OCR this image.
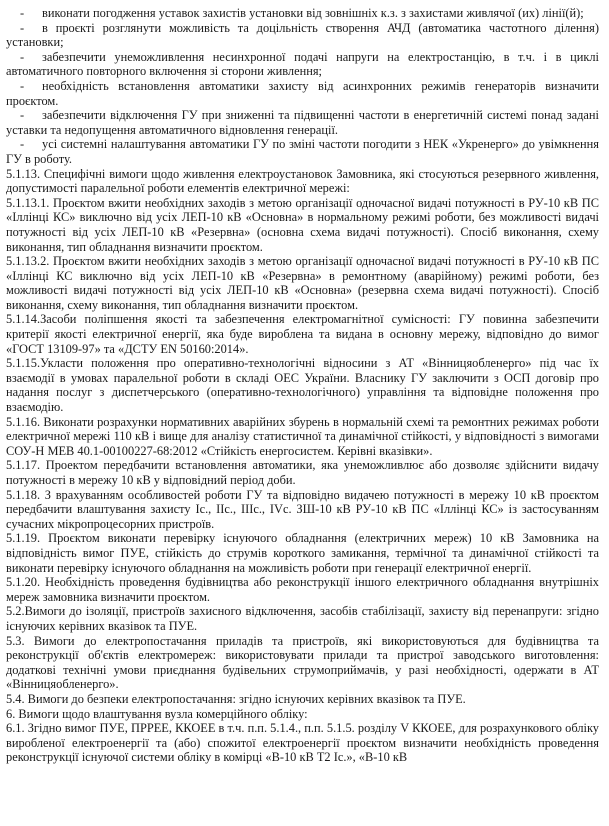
- виконати погодження уставок захистів установки від зовнішніх к.з. з захистами живлячої (их) лінії(й);

- в проєкті розглянути можливість та доцільність створення АЧД (автоматика частотного ділення) установки;

- забезпечити унеможливлення несинхронної подачі напруги на електростанцію, в т.ч. і в циклі автоматичного повторного включення зі сторони живлення;

- необхідність встановлення автоматики захисту від асинхронних режимів генераторів визначити проєктом.

- забезпечити відключення ГУ при зниженні та підвищенні частоти в енергетичній системі понад задані уставки та недопущення автоматичного відновлення генерації.

- усі системні налаштування автоматики ГУ по зміні частоти погодити з НЕК «Укренерго» до увімкнення ГУ в роботу.

5.1.13. Специфічні вимоги щодо живлення електроустановок Замовника, які стосуються резервного живлення, допустимості паралельної роботи елементів електричної мережі:

5.1.13.1. Проєктом вжити необхідних заходів з метою організації одночасної видачі потужності в РУ-10 кВ ПС «Іллінці КС» виключно від усіх ЛЕП-10 кВ «Основна» в нормальному режимі роботи, без можливості видачі потужності від усіх ЛЕП-10 кВ «Резервна» (основна схема видачі потужності). Спосіб виконання, схему виконання, тип обладнання визначити проєктом.

5.1.13.2. Проєктом вжити необхідних заходів з метою організації одночасної видачі потужності в РУ-10 кВ ПС «Іллінці КС виключно від усіх ЛЕП-10 кВ «Резервна» в ремонтному (аварійному) режимі роботи, без можливості видачі потужності від усіх ЛЕП-10 кВ «Основна» (резервна схема видачі потужності). Спосіб виконання, схему виконання, тип обладнання визначити проєктом.

5.1.14.Засоби поліпшення якості та забезпечення електромагнітної сумісності: ГУ повинна забезпечити критерії якості електричної енергії, яка буде вироблена та видана в основну мережу, відповідно до вимог «ГОСТ 13109-97» та «ДСТУ EN 50160:2014».

5.1.15.Укласти положення про оперативно-технологічні відносини з АТ «Вінницяобленерго» під час їх взаємодії в умовах паралельної роботи в складі ОЕС України. Власнику ГУ заключити з ОСП договір про надання послуг з диспетчерського (оперативно-технологічного) управління та відповідне положення про взаємодію.

5.1.16. Виконати розрахунки нормативних аварійних збурень в нормальній схемі та ремонтних режимах роботи електричної мережі 110 кВ і вище для аналізу статистичної та динамічної стійкості, у відповідності з вимогами СОУ-Н МЕВ 40.1-00100227-68:2012 «Стійкість енергосистем. Керівні вказівки».

5.1.17. Проектом передбачити встановлення автоматики, яка унеможливлює або дозволяє здійснити видачу потужності в мережу 10 кВ у відповідний період доби.

5.1.18. З врахуванням особливостей роботи ГУ та відповідно видачею потужності в мережу 10 кВ проєктом передбачити влаштування захисту Іс., ІІс., ІІІс., ІVс. ЗШ-10 кВ РУ-10 кВ ПС «Іллінці КС» із застосуванням сучасних мікропроцесорних пристроїв.

5.1.19. Проєктом виконати перевірку існуючого обладнання (електричних мереж) 10 кВ Замовника на відповідність вимог ПУЕ, стійкість до струмів короткого замикання, термічної та динамічної стійкості та виконати перевірку існуючого обладнання на можливість роботи при генерації електричної енергії.

5.1.20. Необхідність проведення будівництва або реконструкції іншого електричного обладнання внутрішніх мереж замовника визначити проєктом.

5.2.Вимоги до ізоляції, пристроїв захисного відключення, засобів стабілізації, захисту від перенапруги: згідно існуючих керівних вказівок та ПУЕ.

5.3. Вимоги до електропостачання приладів та пристроїв, які використовуються для будівництва та реконструкції об'єктів електромереж: використовувати прилади та пристрої заводського виготовлення: додаткові технічні умови приєднання будівельних струмоприймачів, у разі необхідності, одержати в АТ «Вінницяобленерго».

5.4. Вимоги до безпеки електропостачання: згідно існуючих керівних вказівок та ПУЕ.

6. Вимоги щодо влаштування вузла комерційного обліку:

6.1. Згідно вимог ПУЕ, ПРРЕЕ, ККОЕЕ в т.ч. п.п. 5.1.4., п.п. 5.1.5. розділу V ККОЕЕ, для розрахункового обліку виробленої електроенергії та (або) спожитої електроенергії проєктом визначити необхідність проведення реконструкції існуючої системи обліку в комірці «В-10 кВ Т2 Іс.», «В-10 кВ
